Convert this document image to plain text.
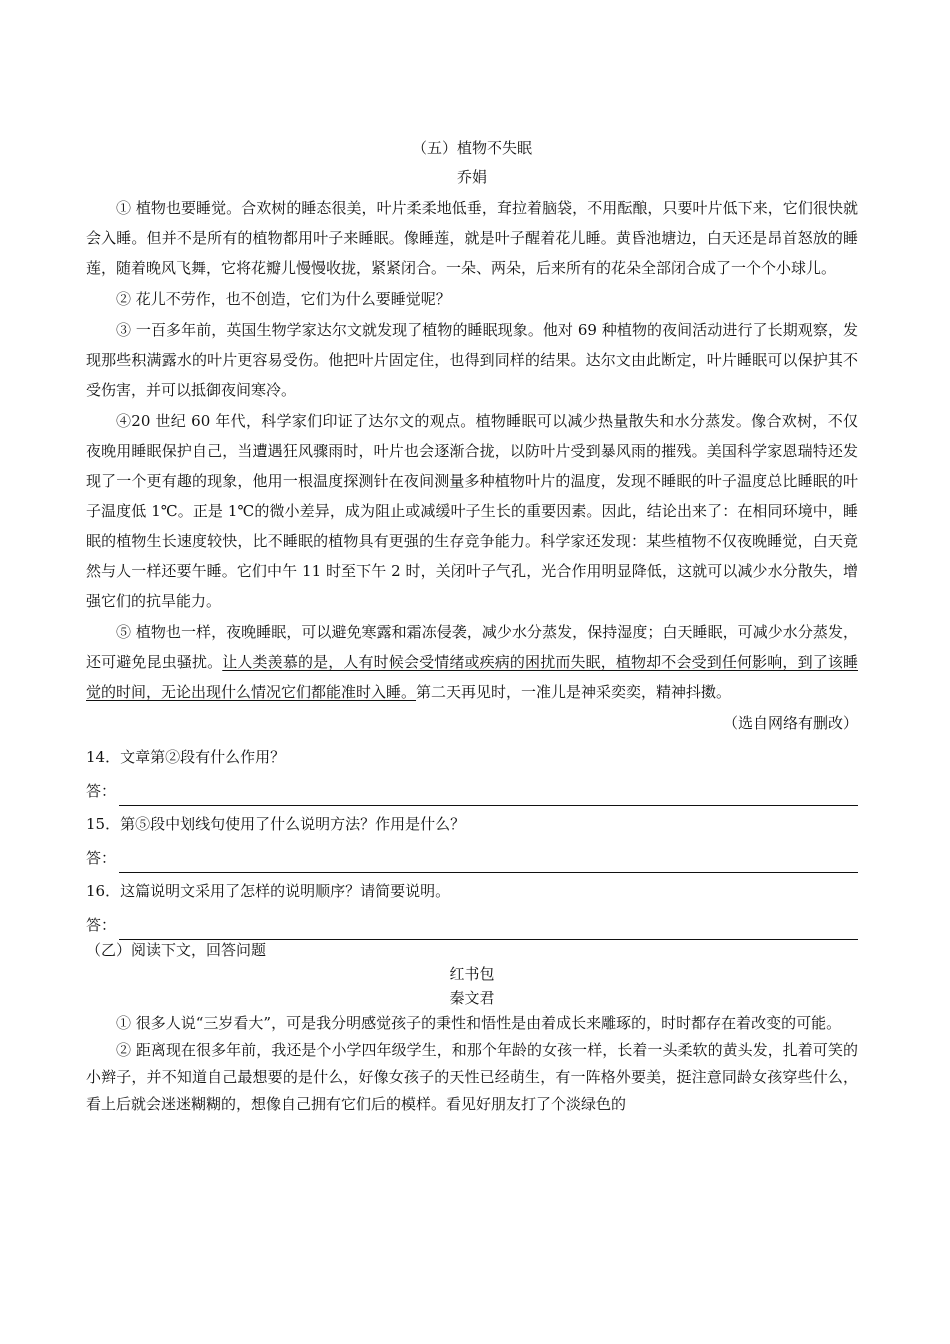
（五）植物不失眠
乔娟

① 植物也要睡觉。合欢树的睡态很美，叶片柔柔地低垂，耷拉着脑袋，不用酝酿，只要叶片低下来，它们很快就会入睡。但并不是所有的植物都用叶子来睡眠。像睡莲，就是叶子醒着花儿睡。黄昏池塘边，白天还是昂首怒放的睡莲，随着晚风飞舞，它将花瓣儿慢慢收拢，紧紧闭合。一朵、两朵，后来所有的花朵全部闭合成了一个个小球儿。

② 花儿不劳作，也不创造，它们为什么要睡觉呢？

③ 一百多年前，英国生物学家达尔文就发现了植物的睡眠现象。他对 69 种植物的夜间活动进行了长期观察，发现那些积满露水的叶片更容易受伤。他把叶片固定住，也得到同样的结果。达尔文由此断定，叶片睡眠可以保护其不受伤害，并可以抵御夜间寒冷。

④20 世纪 60 年代，科学家们印证了达尔文的观点。植物睡眠可以减少热量散失和水分蒸发。像合欢树，不仅夜晚用睡眠保护自己，当遭遇狂风骤雨时，叶片也会逐渐合拢，以防叶片受到暴风雨的摧残。美国科学家恩瑞特还发现了一个更有趣的现象，他用一根温度探测针在夜间测量多种植物叶片的温度，发现不睡眠的叶子温度总比睡眠的叶子温度低 1℃。正是 1℃的微小差异，成为阻止或减缓叶子生长的重要因素。因此，结论出来了：在相同环境中，睡眠的植物生长速度较快，比不睡眠的植物具有更强的生存竞争能力。科学家还发现：某些植物不仅夜晚睡觉，白天竟然与人一样还要午睡。它们中午 11 时至下午 2 时，关闭叶子气孔，光合作用明显降低，这就可以减少水分散失，增强它们的抗旱能力。

⑤ 植物也一样，夜晚睡眠，可以避免寒露和霜冻侵袭，减少水分蒸发，保持湿度；白天睡眠，可减少水分蒸发，还可避免昆虫骚扰。让人类羡慕的是，人有时候会受情绪或疾病的困扰而失眠，植物却不会受到任何影响，到了该睡觉的时间，无论出现什么情况它们都能准时入睡。第二天再见时，一准儿是神采奕奕，精神抖擞。

（选自网络有删改）
14．文章第②段有什么作用？
答：
15．第⑤段中划线句使用了什么说明方法？作用是什么？
答：
16．这篇说明文采用了怎样的说明顺序？请简要说明。
答：
（乙）阅读下文，回答问题
红书包
秦文君

① 很多人说“三岁看大”，可是我分明感觉孩子的秉性和悟性是由着成长来雕琢的，时时都存在着改变的可能。

② 距离现在很多年前，我还是个小学四年级学生，和那个年龄的女孩一样，长着一头柔软的黄头发，扎着可笑的小辫子，并不知道自己最想要的是什么，好像女孩子的天性已经萌生，有一阵格外要美，挺注意同龄女孩穿些什么，看上后就会迷迷糊糊的，想像自己拥有它们后的模样。看见好朋友打了个淡绿色的
